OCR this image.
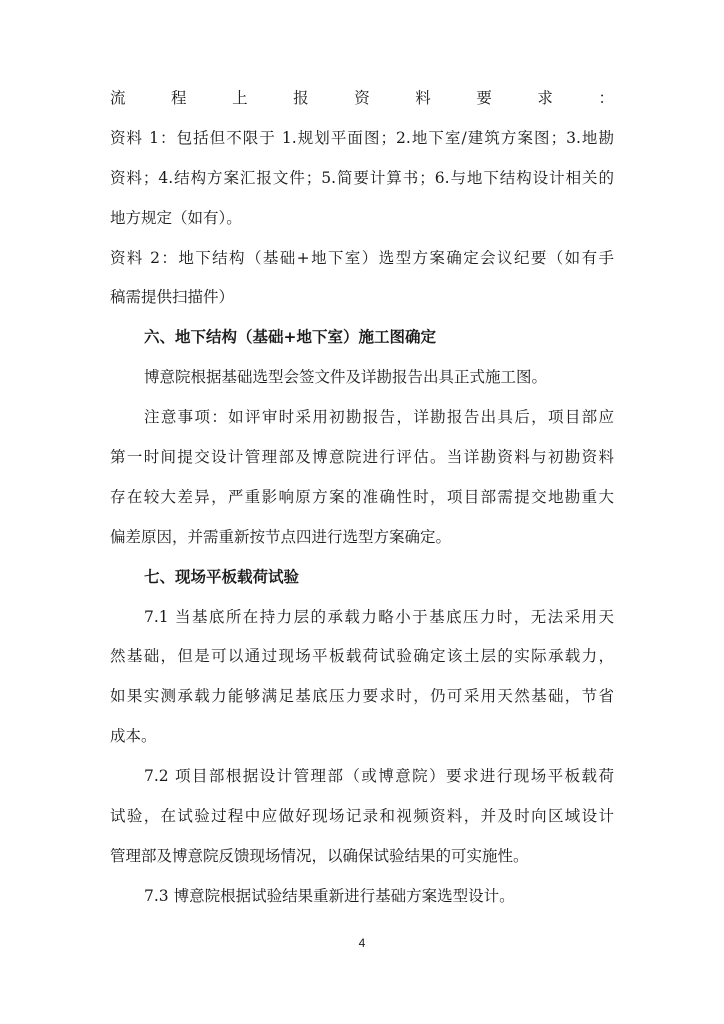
流程上报资料要求：
资料 1：包括但不限于 1.规划平面图；2.地下室/建筑方案图；3.地勘
资料；4.结构方案汇报文件；5.简要计算书；6.与地下结构设计相关的
地方规定（如有）。
资料 2：地下结构（基础+地下室）选型方案确定会议纪要（如有手
稿需提供扫描件）
六、地下结构（基础+地下室）施工图确定
博意院根据基础选型会签文件及详勘报告出具正式施工图。
注意事项：如评审时采用初勘报告，详勘报告出具后，项目部应
第一时间提交设计管理部及博意院进行评估。当详勘资料与初勘资料
存在较大差异，严重影响原方案的准确性时，项目部需提交地勘重大
偏差原因，并需重新按节点四进行选型方案确定。
七、现场平板载荷试验
7.1 当基底所在持力层的承载力略小于基底压力时，无法采用天
然基础，但是可以通过现场平板载荷试验确定该土层的实际承载力，
如果实测承载力能够满足基底压力要求时，仍可采用天然基础，节省
成本。
7.2 项目部根据设计管理部（或博意院）要求进行现场平板载荷
试验，在试验过程中应做好现场记录和视频资料，并及时向区域设计
管理部及博意院反馈现场情况，以确保试验结果的可实施性。
7.3 博意院根据试验结果重新进行基础方案选型设计。
4
